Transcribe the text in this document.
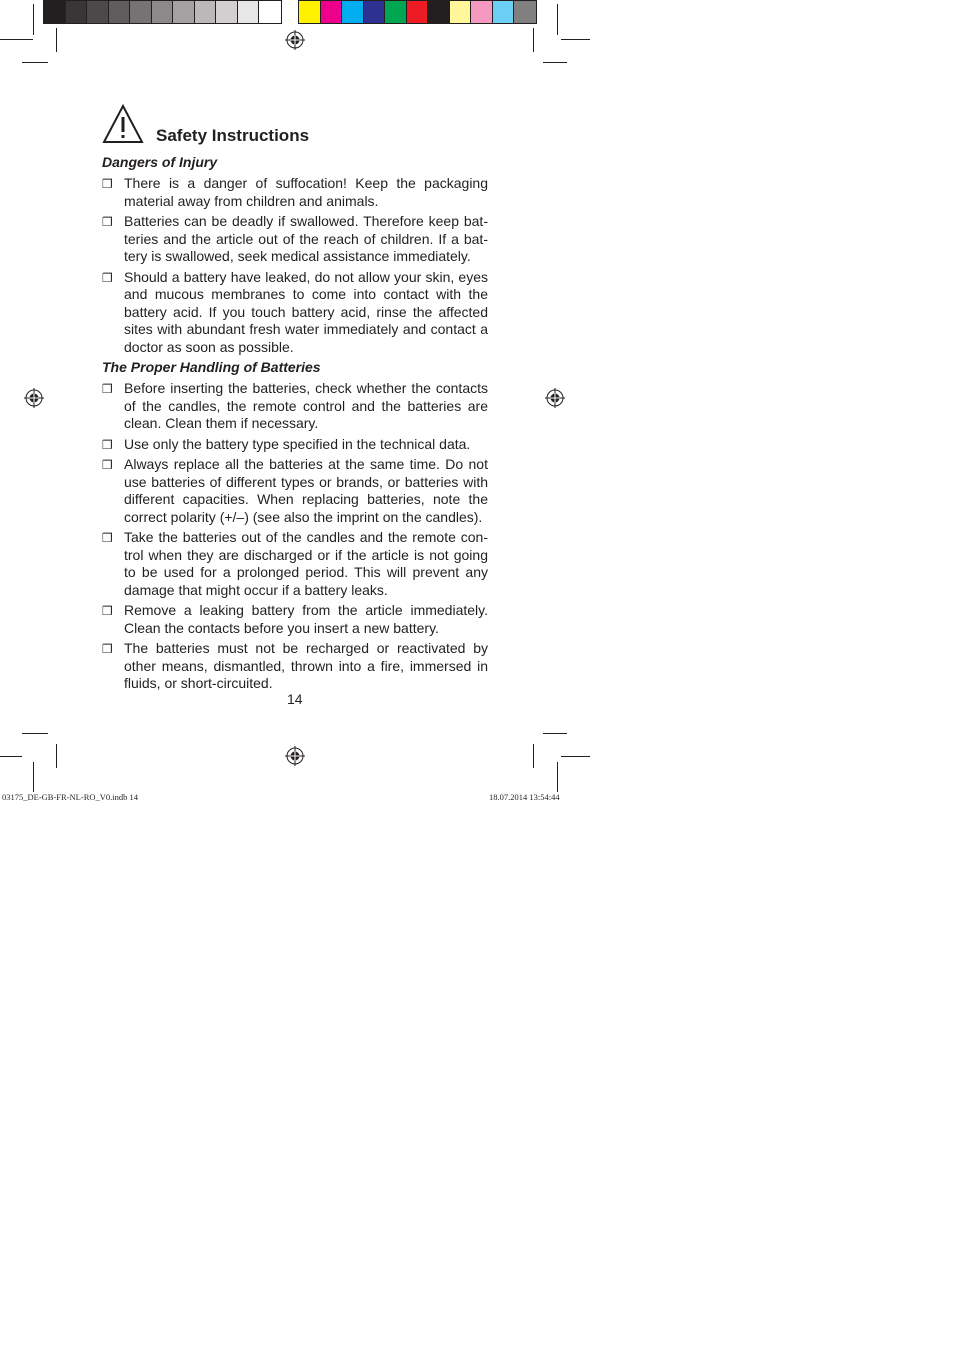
Safety Instructions

Dangers of Injury

❒ There is a danger of suffocation! Keep the packaging material away from children and animals.
❒ Batteries can be deadly if swallowed. Therefore keep batteries and the article out of the reach of children. If a battery is swallowed, seek medical assistance immediately.
❒ Should a battery have leaked, do not allow your skin, eyes and mucous membranes to come into contact with the battery acid. If you touch battery acid, rinse the affected sites with abundant fresh water immediately and contact a doctor as soon as possible.

The Proper Handling of Batteries

❒ Before inserting the batteries, check whether the contacts of the candles, the remote control and the batteries are clean. Clean them if necessary.
❒ Use only the battery type specified in the technical data.
❒ Always replace all the batteries at the same time. Do not use batteries of different types or brands, or batteries with different capacities. When replacing batteries, note the correct polarity (+/–) (see also the imprint on the candles).
❒ Take the batteries out of the candles and the remote control when they are discharged or if the article is not going to be used for a prolonged period. This will prevent any damage that might occur if a battery leaks.
❒ Remove a leaking battery from the article immediately. Clean the contacts before you insert a new battery.
❒ The batteries must not be recharged or reactivated by other means, dismantled, thrown into a fire, immersed in fluids, or short-circuited.
14
03175_DE-GB-FR-NL-RO_V0.indb 14	18.07.2014 13:54:44
